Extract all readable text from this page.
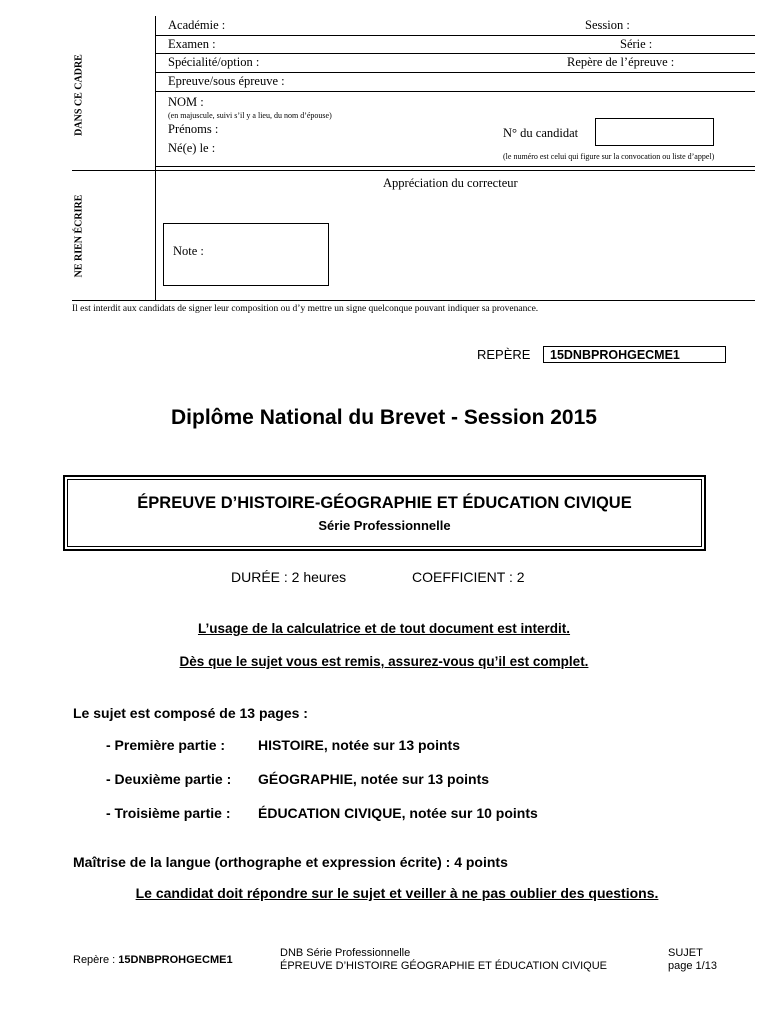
DANS CE CADRE
NE RIEN ÉCRIRE
Académie :	Session :
Examen :	Série :
Spécialité/option :	Repère de l’épreuve :
Epreuve/sous épreuve :
NOM :
(en majuscule, suivi s’il y a lieu, du nom d’épouse)
Prénoms :
Né(e) le :
N° du candidat
(le numéro est celui qui figure sur la convocation ou liste d’appel)
Appréciation du correcteur
Note :
Il est interdit aux candidats de signer leur composition ou d’y mettre un signe quelconque pouvant indiquer sa provenance.
REPÈRE	15DNBPROHGECME1
Diplôme National du Brevet - Session 2015
ÉPREUVE D’HISTOIRE-GÉOGRAPHIE ET ÉDUCATION CIVIQUE
Série Professionnelle
DURÉE : 2 heures	COEFFICIENT : 2
L’usage de la calculatrice et de tout document est interdit.
Dès que le sujet vous est remis, assurez-vous qu’il est complet.
Le sujet est composé de 13 pages :
- Première partie : HISTOIRE, notée sur 13 points
- Deuxième partie : GÉOGRAPHIE, notée sur 13 points
- Troisième partie : ÉDUCATION CIVIQUE, notée sur 10 points
Maîtrise de la langue (orthographe et expression écrite) : 4 points
Le candidat doit répondre sur le sujet et veiller à ne pas oublier des questions.
Repère : 15DNBPROHGECME1
DNB Série Professionnelle
ÉPREUVE D’HISTOIRE GÉOGRAPHIE ET ÉDUCATION CIVIQUE
SUJET
page 1/13
